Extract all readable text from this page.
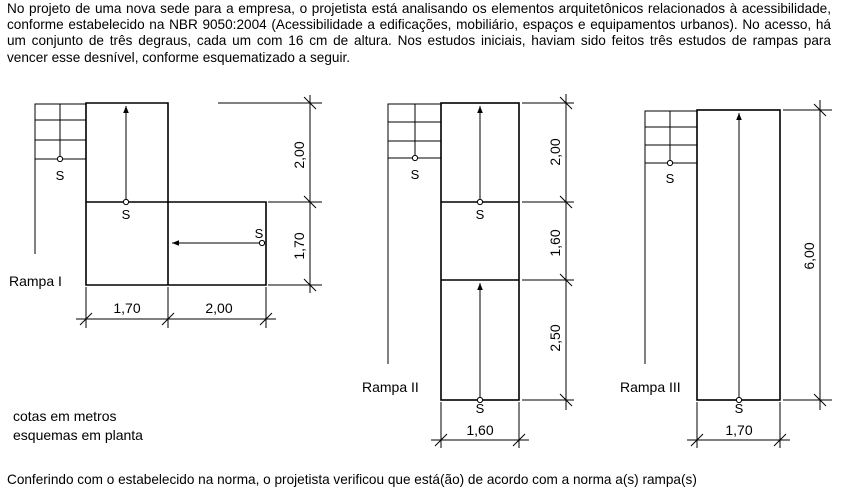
No projeto de uma nova sede para a empresa, o projetista está analisando os elementos arquitetônicos relacionados à acessibilidade, conforme estabelecido na NBR 9050:2004 (Acessibilidade a edificações, mobiliário, espaços e equipamentos urbanos). No acesso, há um conjunto de três degraus, cada um com 16 cm de altura. Nos estudos iniciais, haviam sido feitos três estudos de rampas para vencer esse desnível, conforme esquematizado a seguir.

S
S
S
2,00
1,70
1,70	2,00
Rampa I
S
S
S
2,00
1,60
2,50
1,60
Rampa II
S
S
6,00
1,70
Rampa III
cotas em metros
esquemas em planta

Conferindo com o estabelecido na norma, o projetista verificou que está(ão) de acordo com a norma a(s) rampa(s)
